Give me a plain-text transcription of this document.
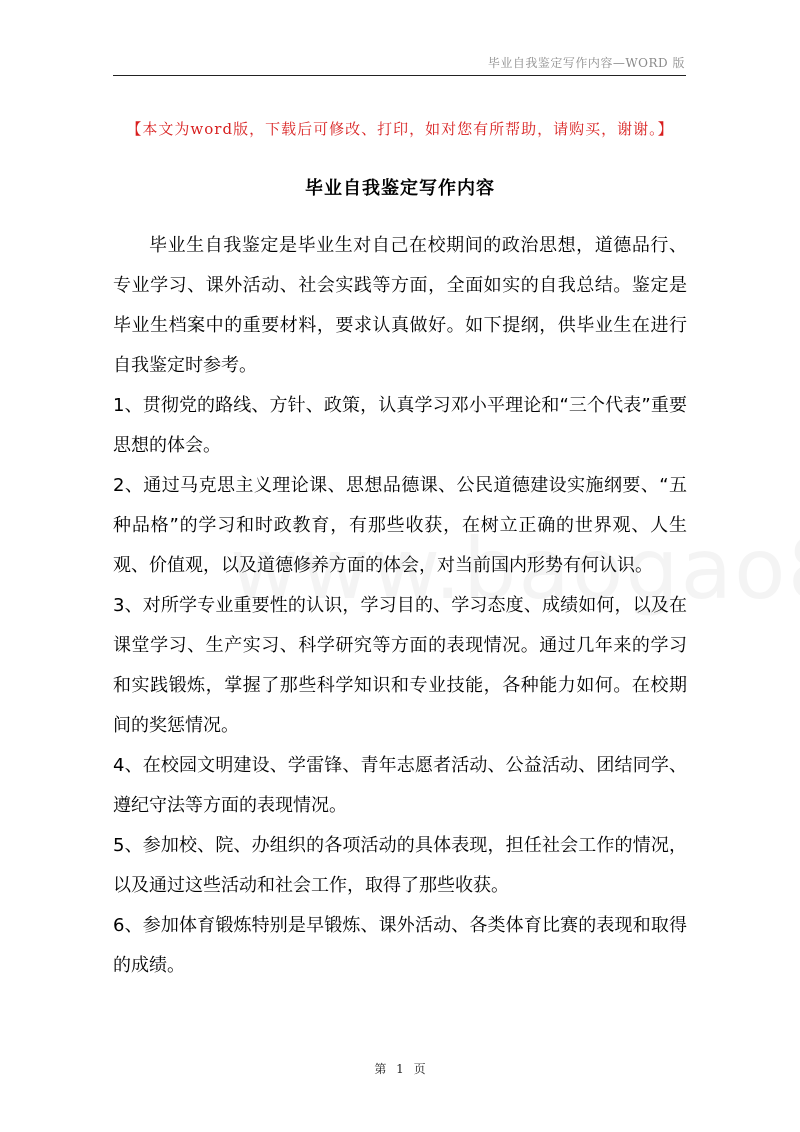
毕业自我鉴定写作内容—WORD 版
【本文为word版，下载后可修改、打印，如对您有所帮助，请购买，谢谢。】
毕业自我鉴定写作内容

毕业生自我鉴定是毕业生对自己在校期间的政治思想，道德品行、专业学习、课外活动、社会实践等方面，全面如实的自我总结。鉴定是毕业生档案中的重要材料，要求认真做好。如下提纲，供毕业生在进行自我鉴定时参考。

1、贯彻党的路线、方针、政策，认真学习邓小平理论和“三个代表”重要思想的体会。

2、通过马克思主义理论课、思想品德课、公民道德建设实施纲要、“五种品格”的学习和时政教育，有那些收获，在树立正确的世界观、人生观、价值观，以及道德修养方面的体会，对当前国内形势有何认识。

3、对所学专业重要性的认识，学习目的、学习态度、成绩如何，以及在课堂学习、生产实习、科学研究等方面的表现情况。通过几年来的学习和实践锻炼，掌握了那些科学知识和专业技能，各种能力如何。在校期间的奖惩情况。

4、在校园文明建设、学雷锋、青年志愿者活动、公益活动、团结同学、遵纪守法等方面的表现情况。

5、参加校、院、办组织的各项活动的具体表现，担任社会工作的情况，以及通过这些活动和社会工作，取得了那些收获。

6、参加体育锻炼特别是早锻炼、课外活动、各类体育比赛的表现和取得的成绩。

第 1 页
